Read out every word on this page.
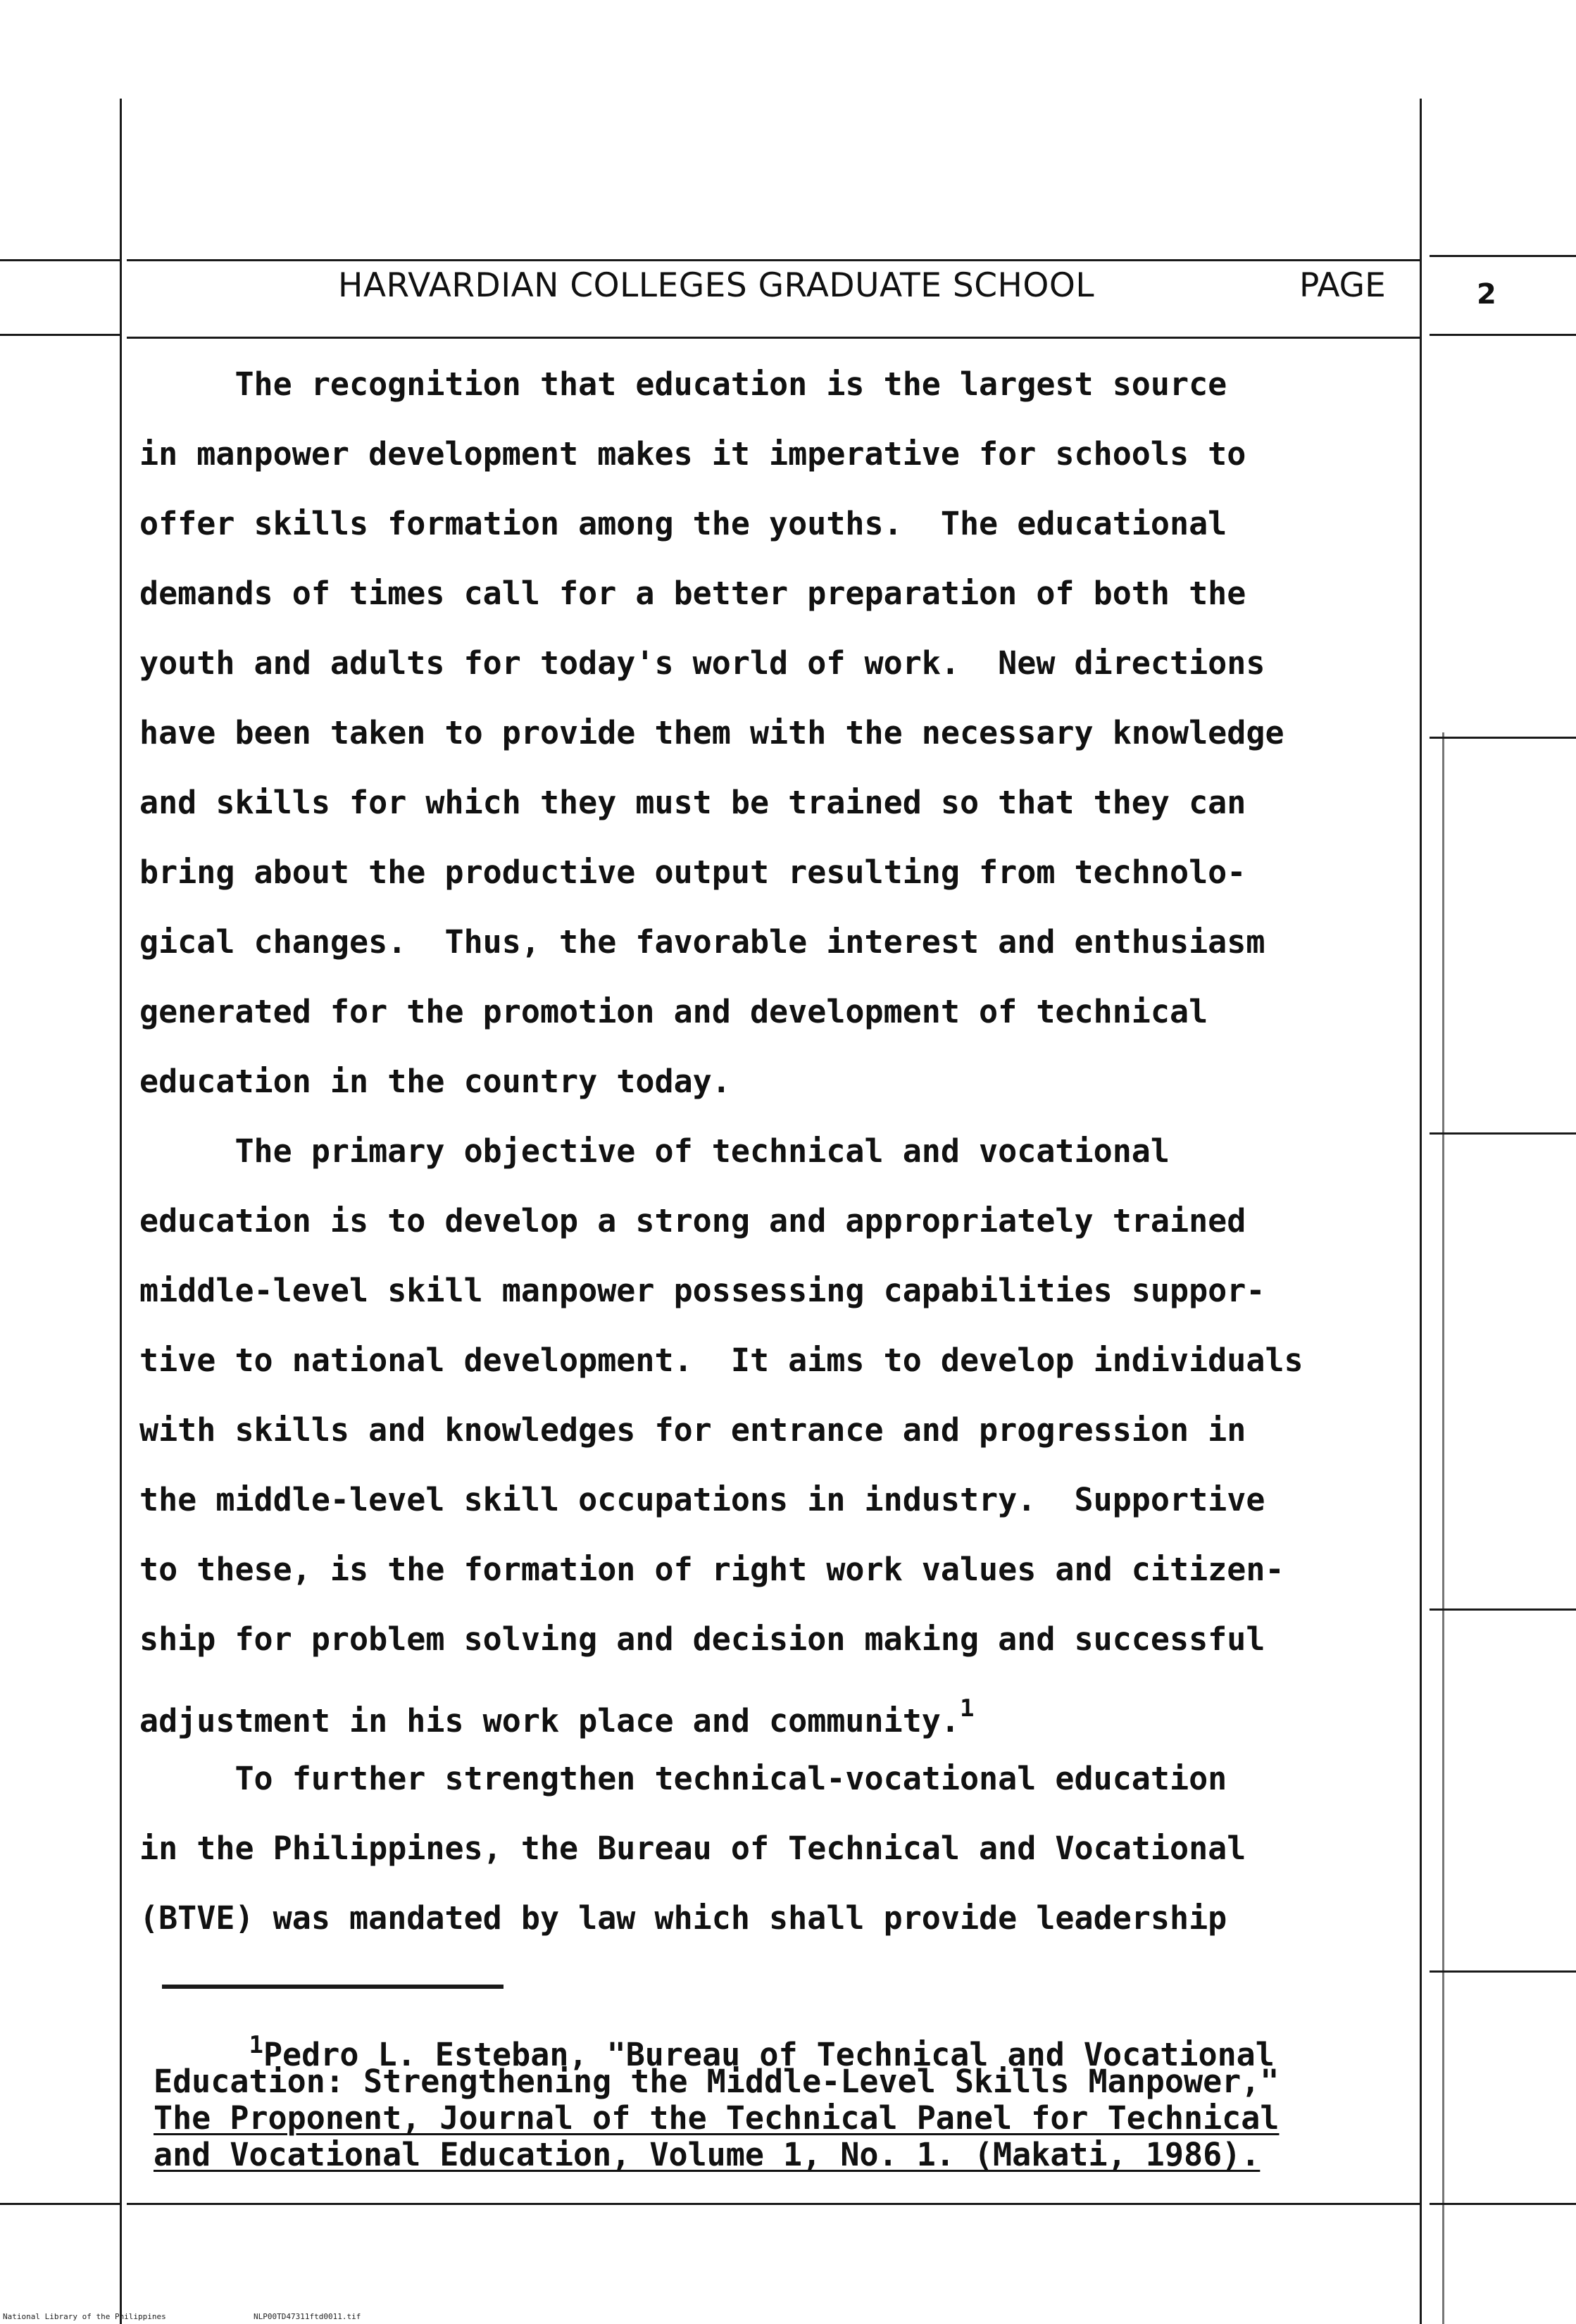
HARVARDIAN COLLEGES GRADUATE SCHOOL	PAGE	2
The recognition that education is the largest source
in manpower development makes it imperative for schools to
offer skills formation among the youths.  The educational
demands of times call for a better preparation of both the
youth and adults for today's world of work.  New directions
have been taken to provide them with the necessary knowledge
and skills for which they must be trained so that they can
bring about the productive output resulting from technolo-
gical changes.  Thus, the favorable interest and enthusiasm
generated for the promotion and development of technical
education in the country today.
The primary objective of technical and vocational
education is to develop a strong and appropriately trained
middle-level skill manpower possessing capabilities suppor-
tive to national development.  It aims to develop individuals
with skills and knowledges for entrance and progression in
the middle-level skill occupations in industry.  Supportive
to these, is the formation of right work values and citizen-
ship for problem solving and decision making and successful
adjustment in his work place and community.$^1$
To further strengthen technical-vocational education
in the Philippines, the Bureau of Technical and Vocational
(BTVE) was mandated by law which shall provide leadership
$^1$Pedro L. Esteban, "Bureau of Technical and Vocational
Education: Strengthening the Middle-Level Skills Manpower,"
The Proponent, Journal of the Technical Panel for Technical
and Vocational Education, Volume 1, No. 1. (Makati, 1986).
National Library of the Philippines	NLP00TD47311ftd0011.tif
